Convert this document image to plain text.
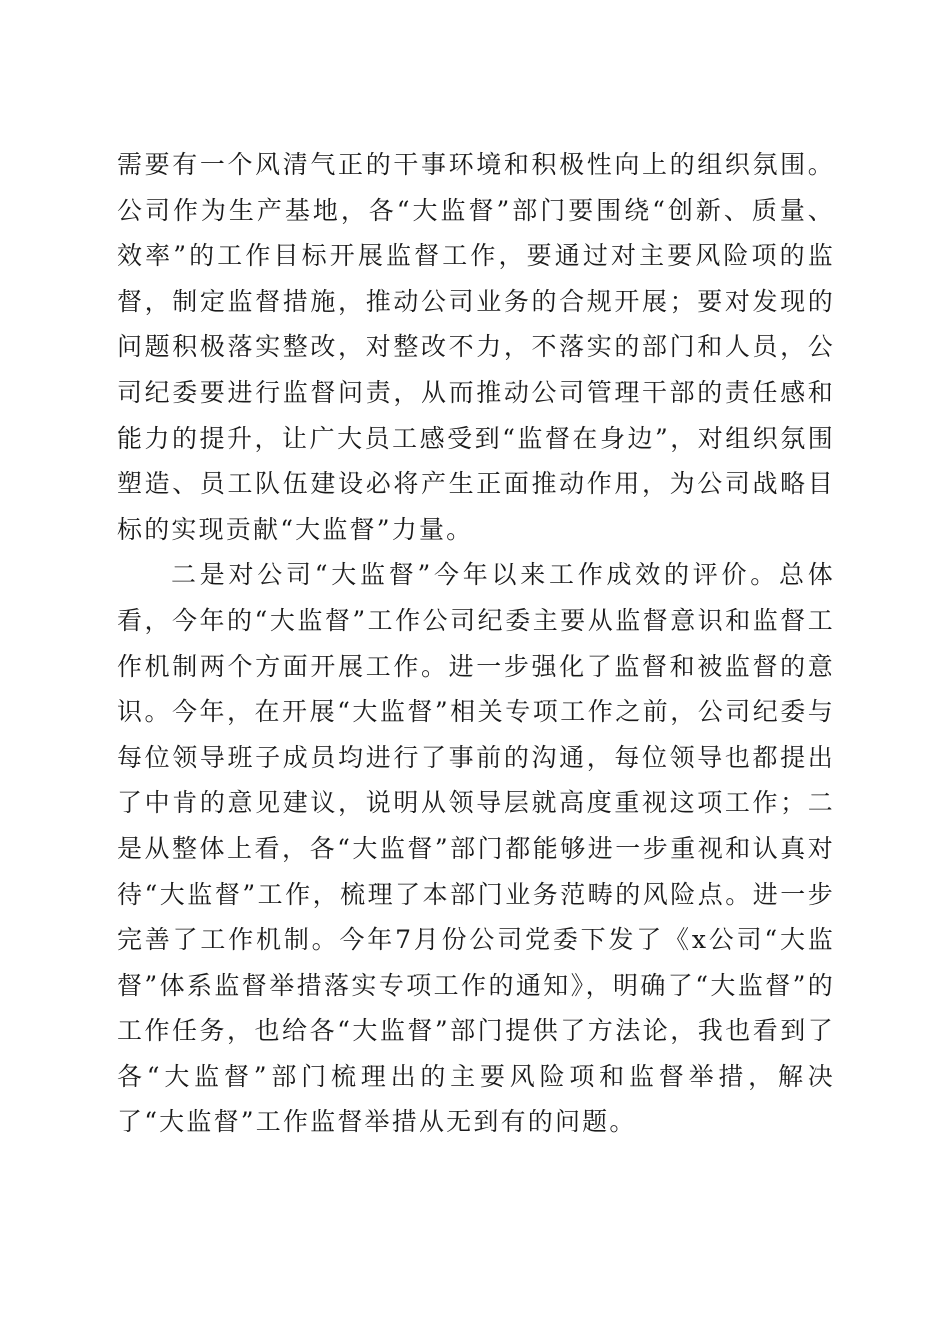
需要有一个风清气正的干事环境和积极性向上的组织氛围。公司作为生产基地，各“大监督”部门要围绕“创新、质量、效率”的工作目标开展监督工作，要通过对主要风险项的监督，制定监督措施，推动公司业务的合规开展；要对发现的问题积极落实整改，对整改不力，不落实的部门和人员，公司纪委要进行监督问责，从而推动公司管理干部的责任感和能力的提升，让广大员工感受到“监督在身边”，对组织氛围塑造、员工队伍建设必将产生正面推动作用，为公司战略目标的实现贡献“大监督”力量。

二是对公司“大监督”今年以来工作成效的评价。总体看，今年的“大监督”工作公司纪委主要从监督意识和监督工作机制两个方面开展工作。进一步强化了监督和被监督的意识。今年，在开展“大监督”相关专项工作之前，公司纪委与每位领导班子成员均进行了事前的沟通，每位领导也都提出了中肯的意见建议，说明从领导层就高度重视这项工作；二是从整体上看，各“大监督”部门都能够进一步重视和认真对待“大监督”工作，梳理了本部门业务范畴的风险点。进一步完善了工作机制。今年7月份公司党委下发了《x公司“大监督”体系监督举措落实专项工作的通知》，明确了“大监督”的工作任务，也给各“大监督”部门提供了方法论，我也看到了各“大监督”部门梳理出的主要风险项和监督举措，解决了“大监督”工作监督举措从无到有的问题。
